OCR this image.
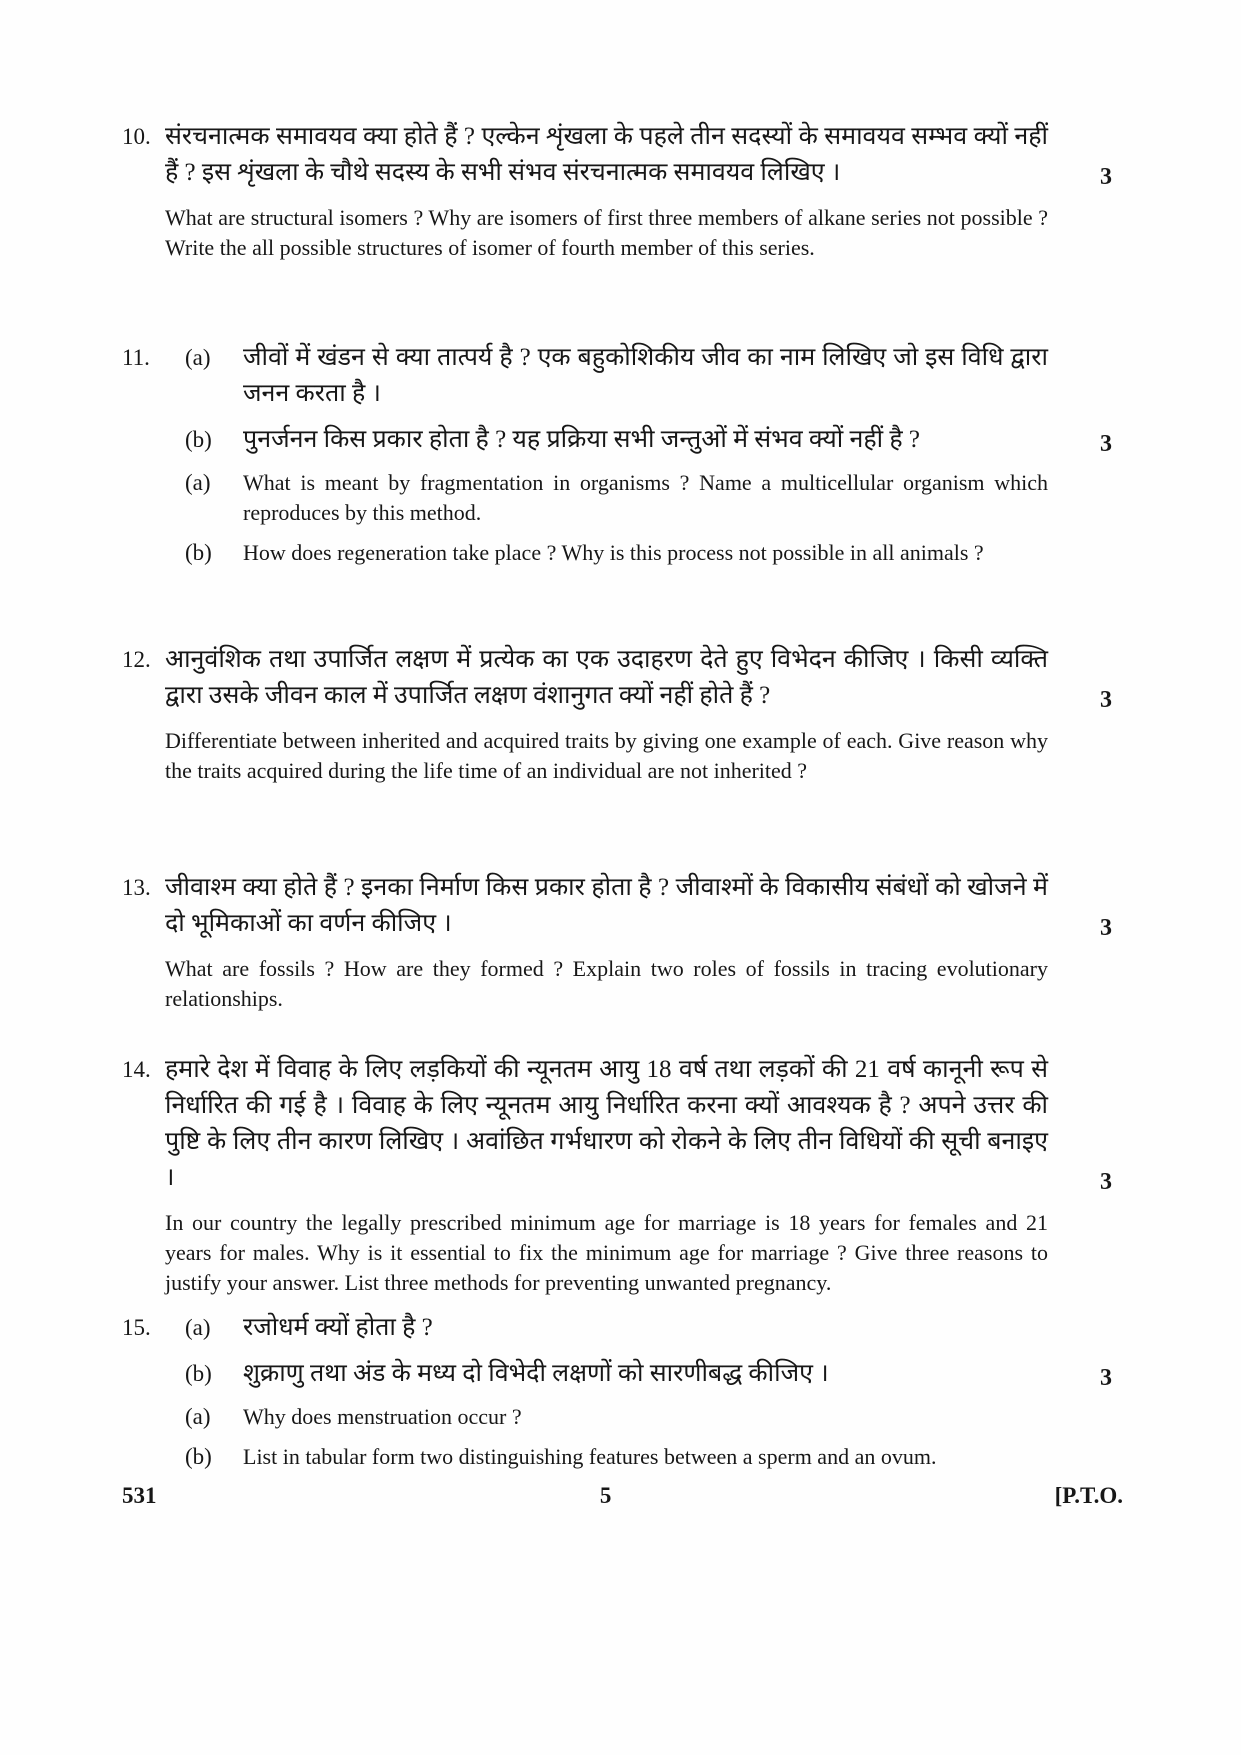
10. संरचनात्मक समावयव क्या होते हैं ? एल्केन शृंखला के पहले तीन सदस्यों के समावयव सम्भव क्यों नहीं हैं ? इस शृंखला के चौथे सदस्य के सभी संभव संरचनात्मक समावयव लिखिए ।	3
What are structural isomers ? Why are isomers of first three members of alkane series not possible ? Write the all possible structures of isomer of fourth member of this series.
11.	(a)	जीवों में खंडन से क्या तात्पर्य है ? एक बहुकोशिकीय जीव का नाम लिखिए जो इस विधि द्वारा जनन करता है ।
(b)	पुनर्जनन किस प्रकार होता है ? यह प्रक्रिया सभी जन्तुओं में संभव क्यों नहीं है ?	3
(a)	What is meant by fragmentation in organisms ? Name a multicellular organism which reproduces by this method.
(b)	How does regeneration take place ? Why is this process not possible in all animals ?
12. आनुवंशिक तथा उपार्जित लक्षण में प्रत्येक का एक उदाहरण देते हुए विभेदन कीजिए । किसी व्यक्ति द्वारा उसके जीवन काल में उपार्जित लक्षण वंशानुगत क्यों नहीं होते हैं ?	3
Differentiate between inherited and acquired traits by giving one example of each. Give reason why the traits acquired during the life time of an individual are not inherited ?
13. जीवाश्म क्या होते हैं ? इनका निर्माण किस प्रकार होता है ? जीवाश्मों के विकासीय संबंधों को खोजने में दो भूमिकाओं का वर्णन कीजिए ।	3
What are fossils ? How are they formed ? Explain two roles of fossils in tracing evolutionary relationships.
14. हमारे देश में विवाह के लिए लड़कियों की न्यूनतम आयु 18 वर्ष तथा लड़कों की 21 वर्ष कानूनी रूप से निर्धारित की गई है । विवाह के लिए न्यूनतम आयु निर्धारित करना क्यों आवश्यक है ? अपने उत्तर की पुष्टि के लिए तीन कारण लिखिए । अवांछित गर्भधारण को रोकने के लिए तीन विधियों की सूची बनाइए ।	3
In our country the legally prescribed minimum age for marriage is 18 years for females and 21 years for males. Why is it essential to fix the minimum age for marriage ? Give three reasons to justify your answer. List three methods for preventing unwanted pregnancy.
15.	(a)	रजोधर्म क्यों होता है ?
(b)	शुक्राणु तथा अंड के मध्य दो विभेदी लक्षणों को सारणीबद्ध कीजिए ।	3
(a)	Why does menstruation occur ?
(b)	List in tabular form two distinguishing features between a sperm and an ovum.
531	5	[P.T.O.
